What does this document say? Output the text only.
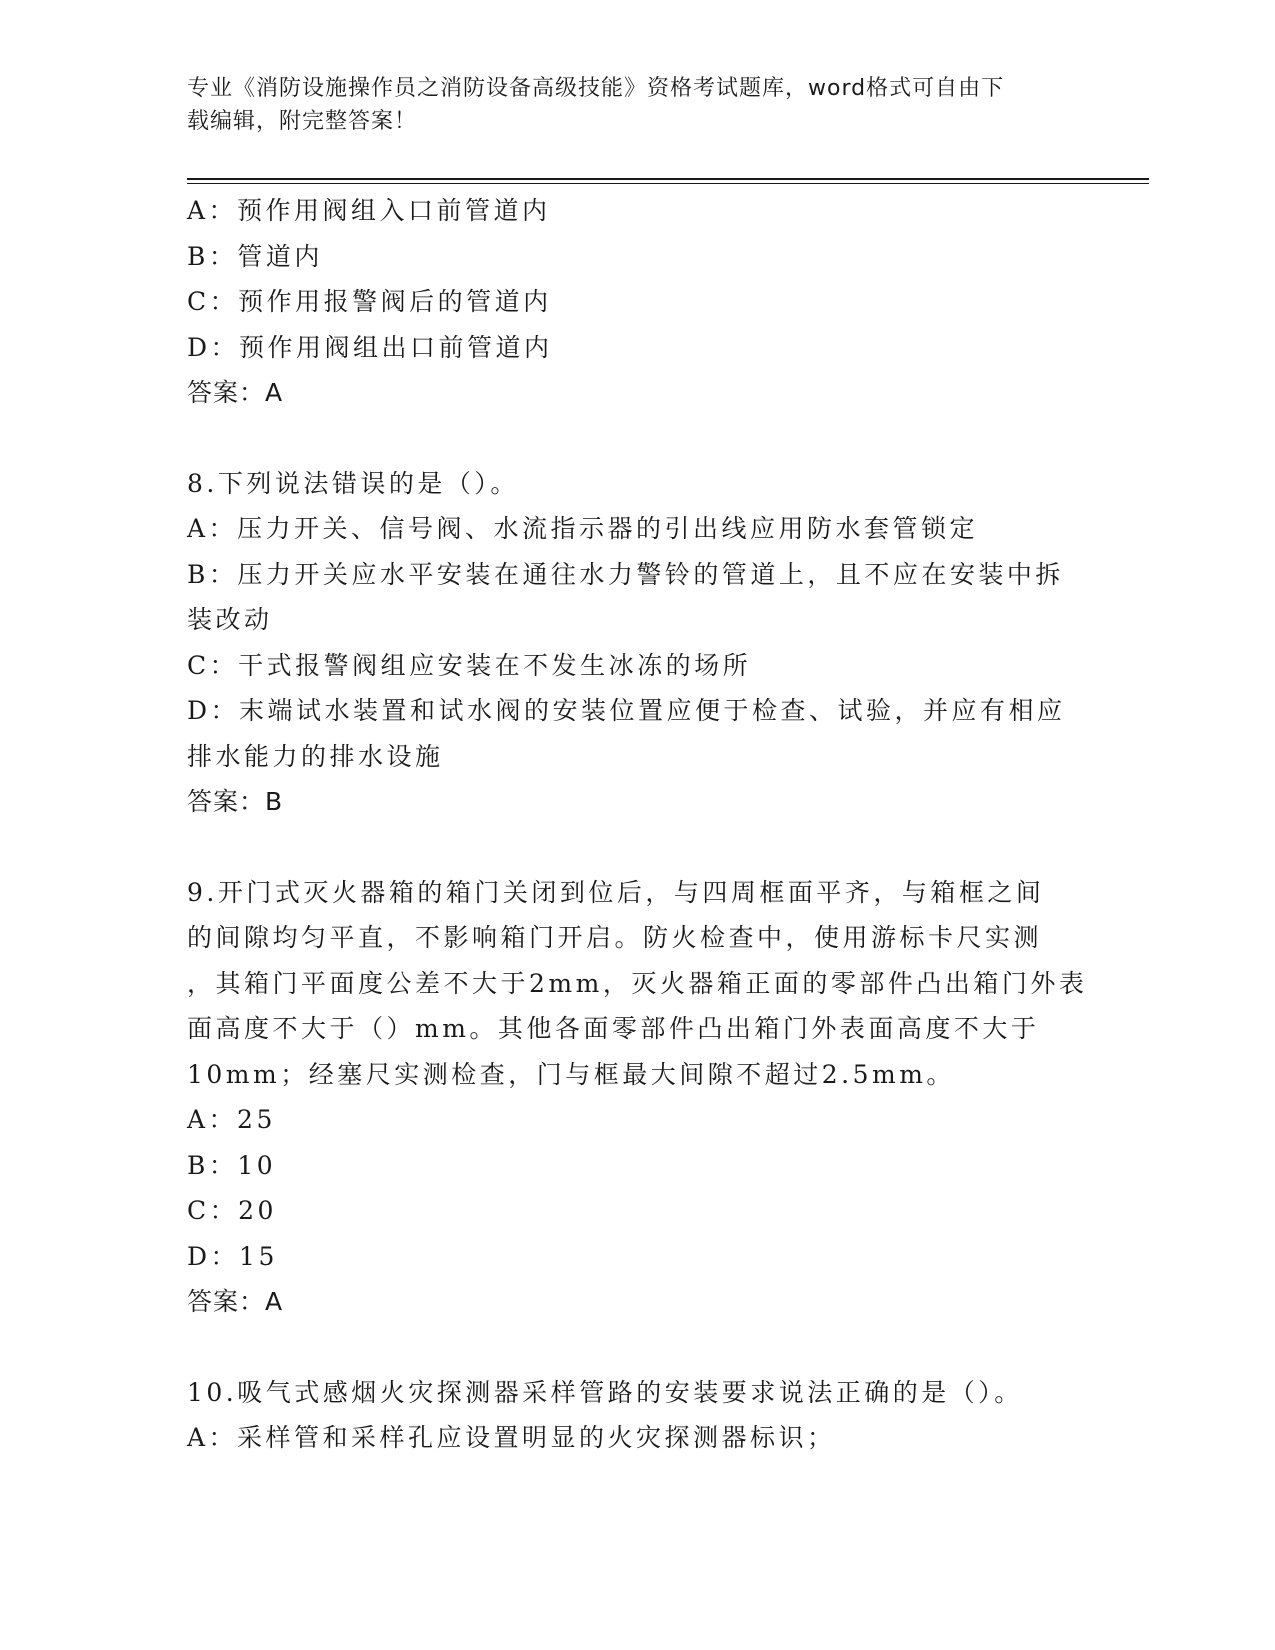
专业《消防设施操作员之消防设备高级技能》资格考试题库，word格式可自由下
载编辑，附完整答案！
A：预作用阀组入口前管道内
B：管道内
C：预作用报警阀后的管道内
D：预作用阀组出口前管道内
答案：A
8.下列说法错误的是（）。
A：压力开关、信号阀、水流指示器的引出线应用防水套管锁定
B：压力开关应水平安装在通往水力警铃的管道上，且不应在安装中拆
装改动
C：干式报警阀组应安装在不发生冰冻的场所
D：末端试水装置和试水阀的安装位置应便于检查、试验，并应有相应
排水能力的排水设施
答案：B
9.开门式灭火器箱的箱门关闭到位后，与四周框面平齐，与箱框之间
的间隙均匀平直，不影响箱门开启。防火检查中，使用游标卡尺实测
，其箱门平面度公差不大于2mm，灭火器箱正面的零部件凸出箱门外表
面高度不大于（）mm。其他各面零部件凸出箱门外表面高度不大于
10mm；经塞尺实测检查，门与框最大间隙不超过2.5mm。
A：25
B：10
C：20
D：15
答案：A
10.吸气式感烟火灾探测器采样管路的安装要求说法正确的是（）。
A：采样管和采样孔应设置明显的火灾探测器标识；
